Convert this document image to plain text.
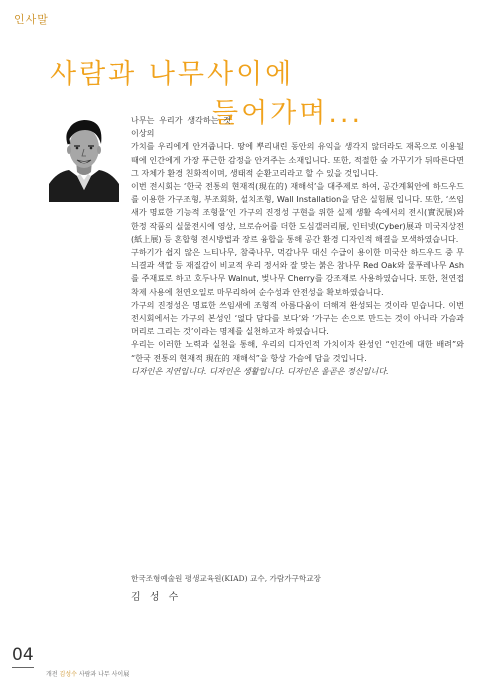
인사말
사람과 나무사이에
들어가며...

나무는 우리가 생각하는 것 이상의

가치를 우리에게 안겨줍니다. 땅에 뿌리내린 동안의 유익을 생각지 않더라도 재목으로 이용될 때에 인간에게 가장 푸근한 감정을 안겨주는 소재입니다. 또한, 적절한 숲 가꾸기가 뒤따른다면 그 자체가 환경 친화적이며, 생태적 순환고리라고 할 수 있을 것입니다.

이번 전시회는 ‘한국 전통의 현재적(現在的) 재해석’을 대주제로 하여, 공간계획안에 하드우드를 이용한 가구조형, 부조회화, 설치조형, Wall Installation을 담은 실험展 입니다. 또한, ‘쓰임새가 명료한 기능적 조형물’인 가구의 진정성 구현을 위한 실제 생활 속에서의 전시(實況展)와 한정 작품의 실물전시에 영상, 브로슈어를 더한 도심갤러리展, 인터넷(Cyber)展과 미국지상전(紙上展) 등 혼합형 전시방법과 장르 융합을 통해 공간 환경 디자인적 해결을 모색하였습니다.

구하기가 쉽지 않은 느티나무, 참죽나무, 먹감나무 대신 수급이 용이한 미국산 하드우드 중 무늬결과 색깔 등 재질감이 비교적 우리 정서와 잘 맞는 붉은 참나무 Red Oak와 물푸레나무 Ash를 주재료로 하고 호두나무 Walnut, 벚나무 Cherry를 강조재로 사용하였습니다. 또한, 천연접착제 사용에 천연오일로 마무리하여 순수성과 안전성을 확보하였습니다.

가구의 진정성은 명료한 쓰임새에 조형적 아름다움이 더해져 완성되는 것이라 믿습니다. 이번 전시회에서는 가구의 본성인 ‘없다 담다를 보다’와 ‘가구는 손으로 만드는 것이 아니라 가슴과 머리로 그리는 것’이라는 명제를 실천하고자 하였습니다.

우리는 이러한 노력과 실천을 통해, 우리의 디자인적 가치이자 완성인 “인간에 대한 배려”와 “한국 전통의 현재적 現在的 재해석”을 항상 가슴에 담을 것입니다.

디자인은 지연입니다. 디자인은 생활입니다. 디자인은 올곧은 정신입니다.

한국조형예술원 평생교육원(KIAD) 교수, 가람가구학교장
김 성 수
04
개전 김성수 사람과 나무 사이展
